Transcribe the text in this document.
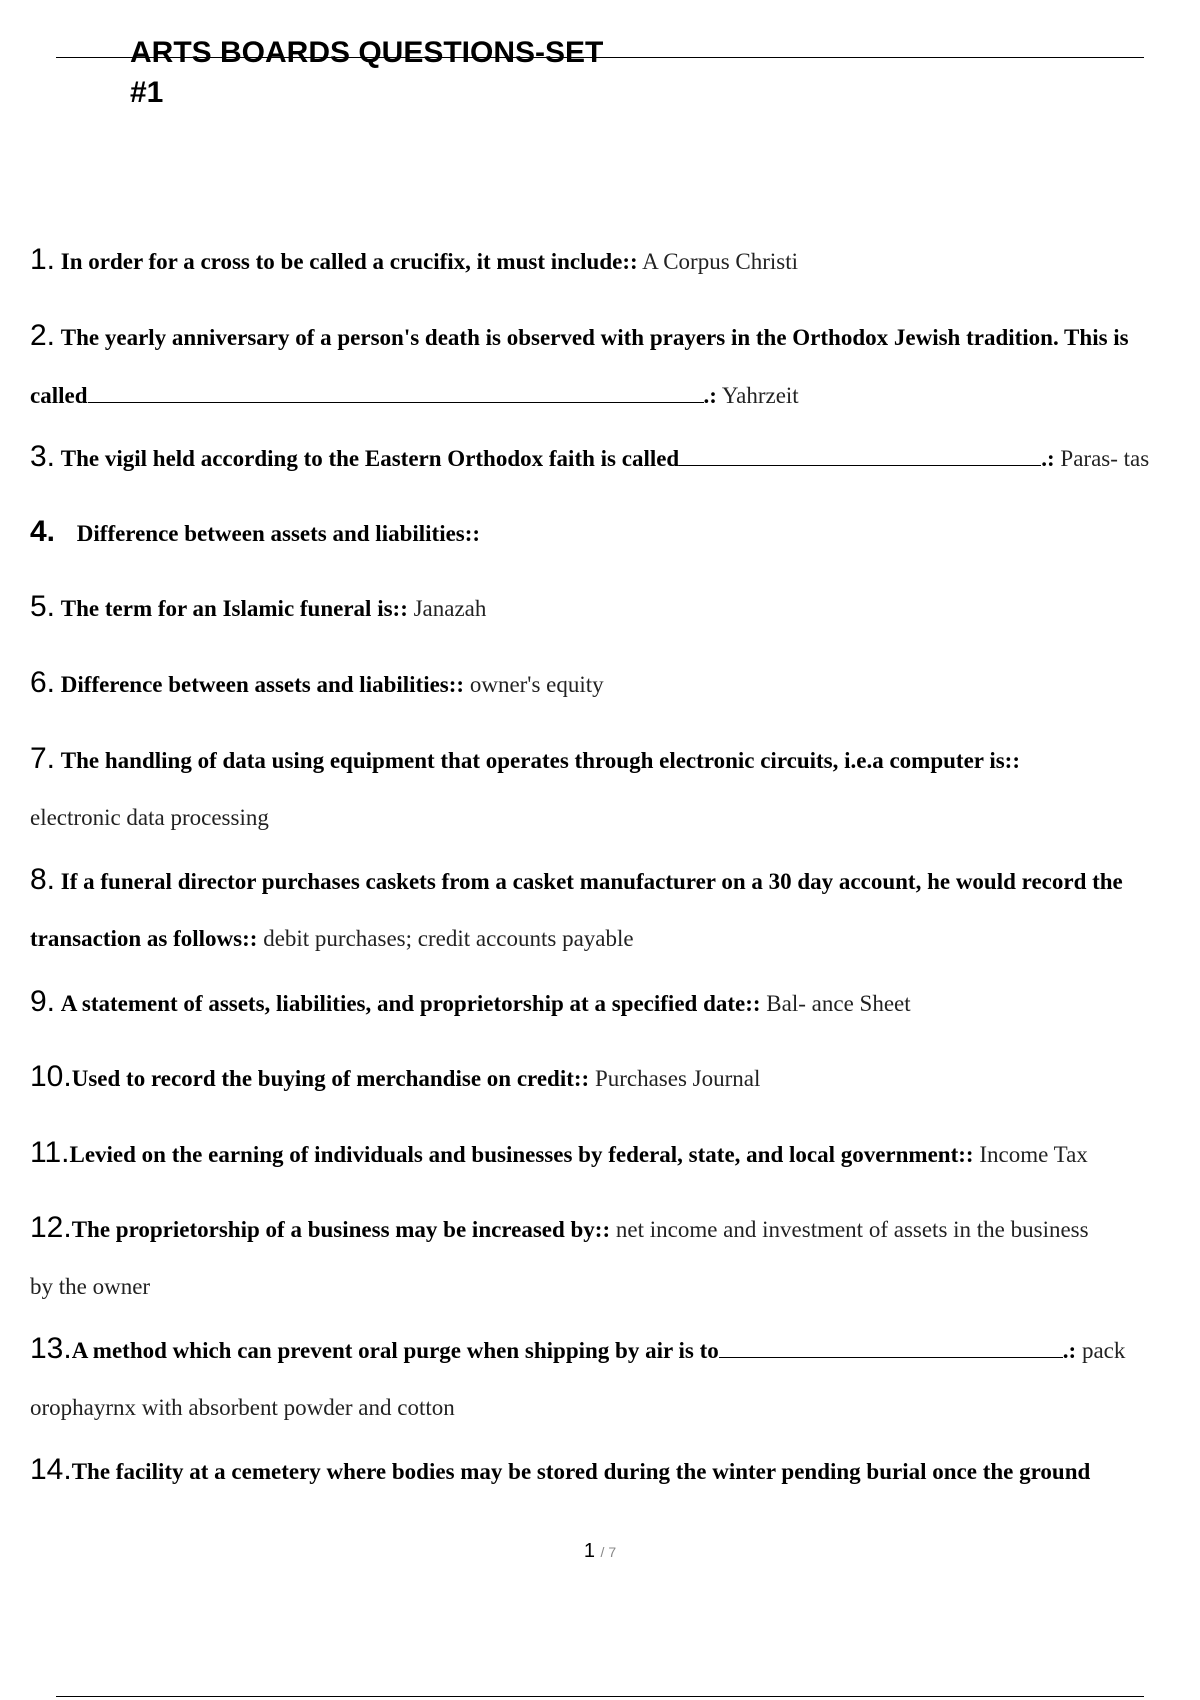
ARTS BOARDS QUESTIONS-SET
#1
1. In order for a cross to be called a crucifix, it must include:: A Corpus Christi
2. The yearly anniversary of a person's death is observed with prayers in the Orthodox Jewish tradition. This is
called	.: Yahrzeit
3. The vigil held according to the Eastern Orthodox faith is called	.: Paras- tas
4. Difference between assets and liabilities::
5. The term for an Islamic funeral is:: Janazah
6. Difference between assets and liabilities:: owner's equity
7. The handling of data using equipment that operates through electronic circuits, i.e.a computer is::
electronic data processing
8. If a funeral director purchases caskets from a casket manufacturer on a 30 day account, he would record the
transaction as follows:: debit purchases; credit accounts payable
9. A statement of assets, liabilities, and proprietorship at a specified date:: Bal- ance Sheet
10.Used to record the buying of merchandise on credit:: Purchases Journal
11.Levied on the earning of individuals and businesses by federal, state, and local government:: Income Tax
12.The proprietorship of a business may be increased by:: net income and investment of assets in the business
by the owner
13.A method which can prevent oral purge when shipping by air is to	.: pack
orophayrnx with absorbent powder and cotton
14.The facility at a cemetery where bodies may be stored during the winter pending burial once the ground
1 / 7
